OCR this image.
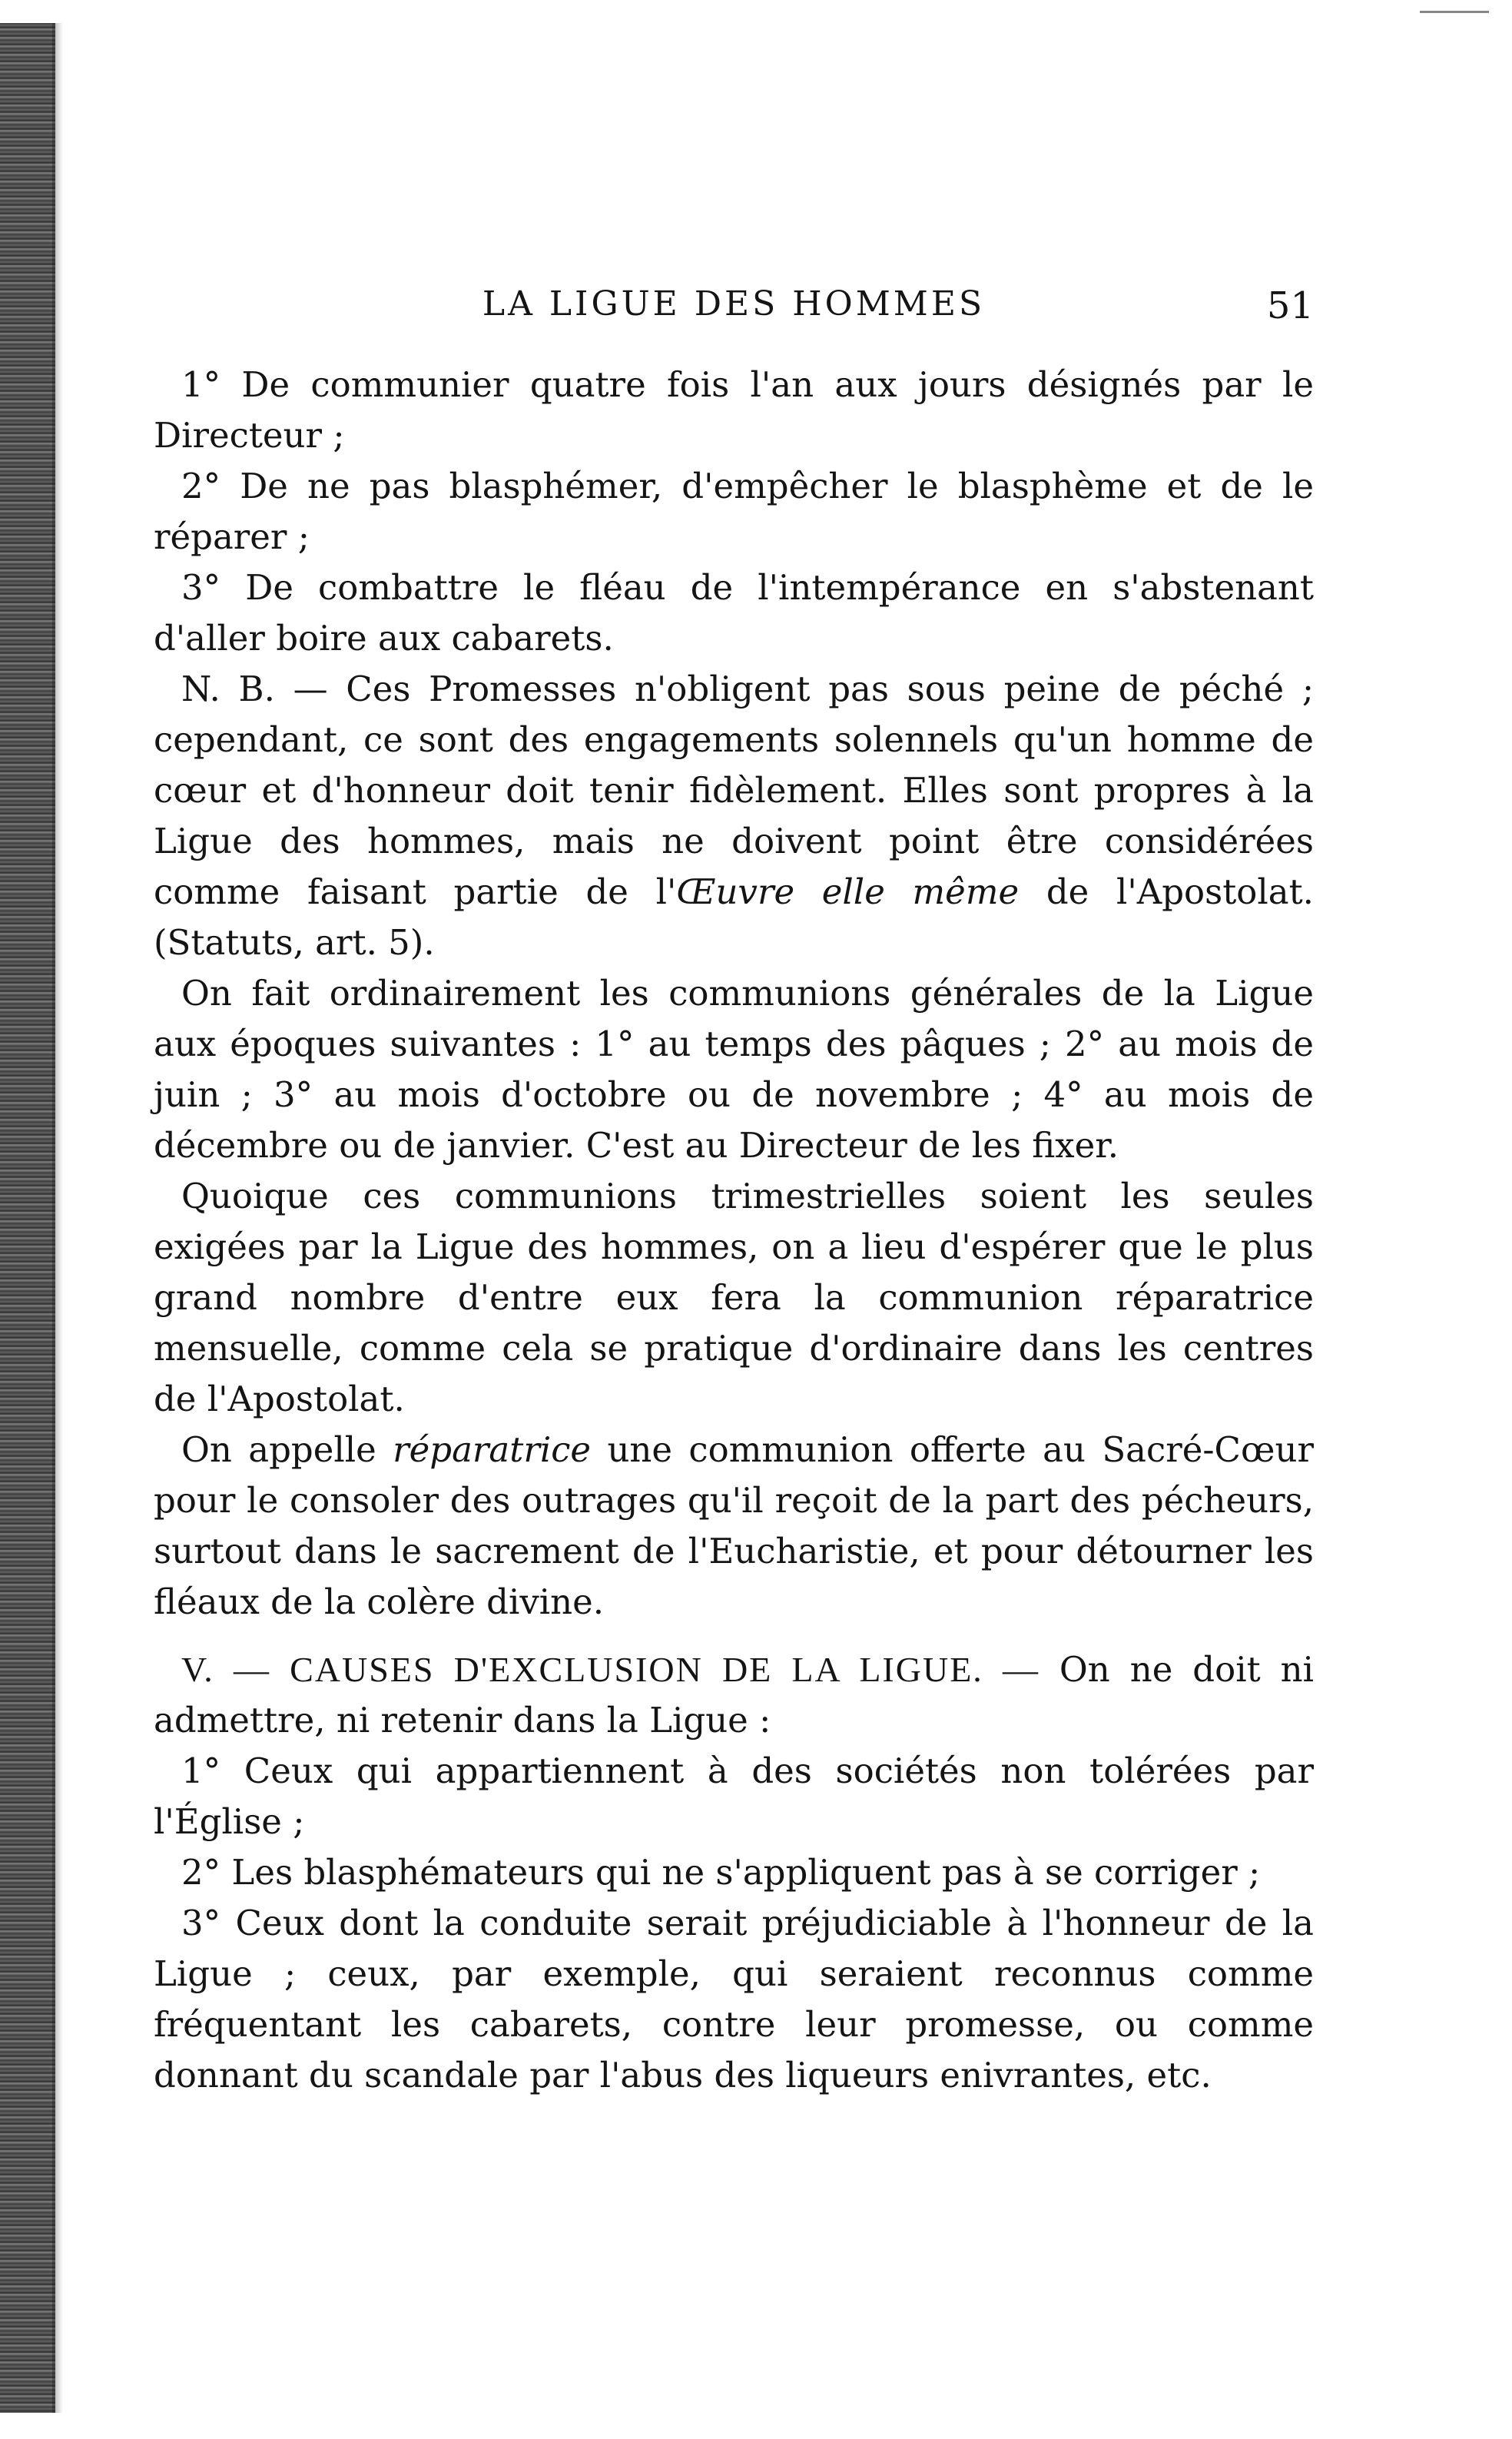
LA LIGUE DES HOMMES	51

1° De communier quatre fois l'an aux jours désignés par le Directeur ;

2° De ne pas blasphémer, d'empêcher le blasphème et de le réparer ;

3° De combattre le fléau de l'intempérance en s'abstenant d'aller boire aux cabarets.

N. B. — Ces Promesses n'obligent pas sous peine de péché ; cependant, ce sont des engagements solennels qu'un homme de cœur et d'honneur doit tenir fidèlement. Elles sont propres à la Ligue des hommes, mais ne doivent point être considérées comme faisant partie de l'Œuvre elle même de l'Apostolat. (Statuts, art. 5).

On fait ordinairement les communions générales de la Ligue aux époques suivantes : 1° au temps des pâques ; 2° au mois de juin ; 3° au mois d'octobre ou de novembre ; 4° au mois de décembre ou de janvier. C'est au Directeur de les fixer.

Quoique ces communions trimestrielles soient les seules exigées par la Ligue des hommes, on a lieu d'espérer que le plus grand nombre d'entre eux fera la communion réparatrice mensuelle, comme cela se pratique d'ordinaire dans les centres de l'Apostolat.

On appelle réparatrice une communion offerte au Sacré-Cœur pour le consoler des outrages qu'il reçoit de la part des pécheurs, surtout dans le sacrement de l'Eucharistie, et pour détourner les fléaux de la colère divine.

V. — CAUSES D'EXCLUSION DE LA LIGUE. — On ne doit ni admettre, ni retenir dans la Ligue :

1° Ceux qui appartiennent à des sociétés non tolérées par l'Église ;

2° Les blasphémateurs qui ne s'appliquent pas à se corriger ;

3° Ceux dont la conduite serait préjudiciable à l'honneur de la Ligue ; ceux, par exemple, qui seraient reconnus comme fréquentant les cabarets, contre leur promesse, ou comme donnant du scandale par l'abus des liqueurs enivrantes, etc.
